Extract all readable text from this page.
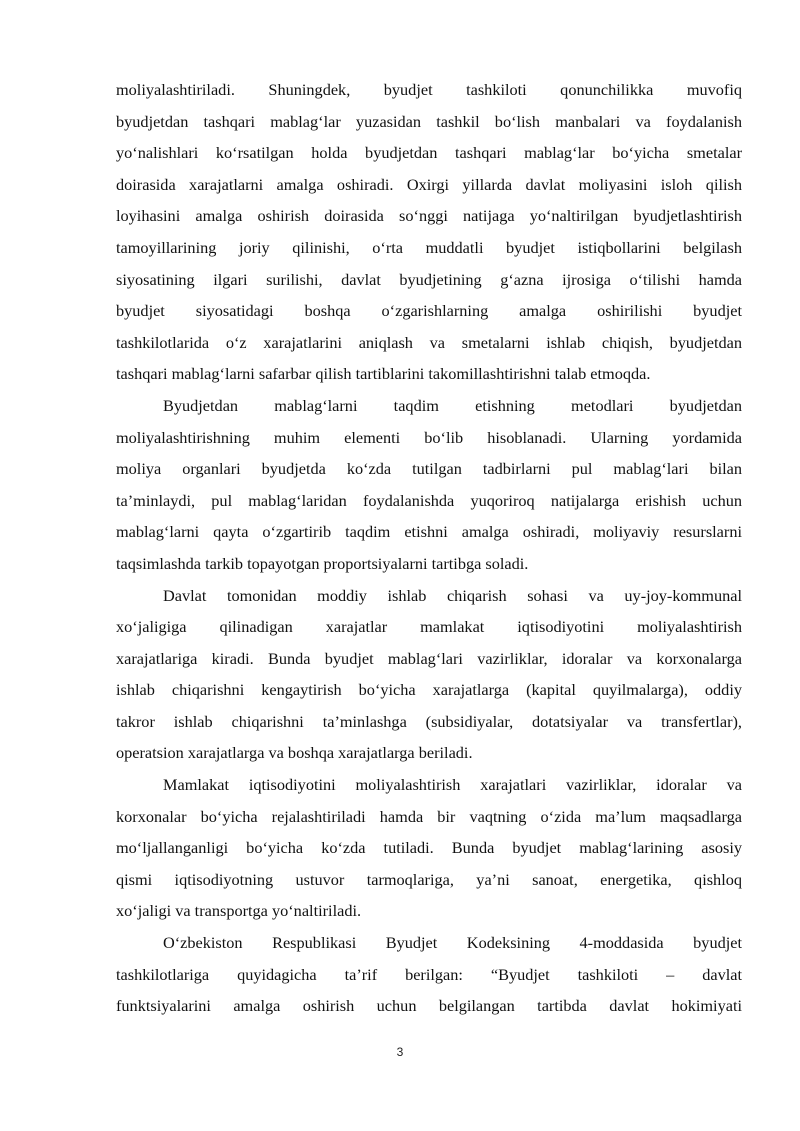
moliyalashtiriladi. Shuningdek, byudjet tashkiloti qonunchilikka muvofiq

byudjetdan tashqari mablag‘lar yuzasidan tashkil bo‘lish manbalari va foydalanish

yo‘nalishlari ko‘rsatilgan holda byudjetdan tashqari mablag‘lar bo‘yicha smetalar

doirasida xarajatlarni amalga oshiradi. Oxirgi yillarda davlat moliyasini isloh qilish

loyihasini amalga oshirish doirasida so‘nggi natijaga yo‘naltirilgan byudjetlashtirish

tamoyillarining joriy qilinishi, o‘rta muddatli byudjet istiqbollarini belgilash

siyosatining ilgari surilishi, davlat byudjetining g‘azna ijrosiga o‘tilishi hamda

byudjet siyosatidagi boshqa o‘zgarishlarning amalga oshirilishi byudjet

tashkilotlarida o‘z xarajatlarini aniqlash va smetalarni ishlab chiqish, byudjetdan

tashqari mablag‘larni safarbar qilish tartiblarini takomillashtirishni talab etmoqda.

Byudjetdan mablag‘larni taqdim etishning metodlari byudjetdan

moliyalashtirishning muhim elementi bo‘lib hisoblanadi. Ularning yordamida

moliya organlari byudjetda ko‘zda tutilgan tadbirlarni pul mablag‘lari bilan

ta’minlaydi, pul mablag‘laridan foydalanishda yuqoriroq natijalarga erishish uchun

mablag‘larni qayta o‘zgartirib taqdim etishni amalga oshiradi, moliyaviy resurslarni

taqsimlashda tarkib topayotgan proportsiyalarni tartibga soladi.

Davlat tomonidan moddiy ishlab chiqarish sohasi va uy-joy-kommunal

xo‘jaligiga qilinadigan xarajatlar mamlakat iqtisodiyotini moliyalashtirish

xarajatlariga kiradi. Bunda byudjet mablag‘lari vazirliklar, idoralar va korxonalarga

ishlab chiqarishni kengaytirish bo‘yicha xarajatlarga (kapital quyilmalarga), oddiy

takror ishlab chiqarishni ta’minlashga (subsidiyalar, dotatsiyalar va transfertlar),

operatsion xarajatlarga va boshqa xarajatlarga beriladi.

Mamlakat iqtisodiyotini moliyalashtirish xarajatlari vazirliklar, idoralar va

korxonalar bo‘yicha rejalashtiriladi hamda bir vaqtning o‘zida ma’lum maqsadlarga

mo‘ljallanganligi bo‘yicha ko‘zda tutiladi. Bunda byudjet mablag‘larining asosiy

qismi iqtisodiyotning ustuvor tarmoqlariga, ya’ni sanoat, energetika, qishloq

xo‘jaligi va transportga yo‘naltiriladi.

O‘zbekiston Respublikasi Byudjet Kodeksining 4-moddasida byudjet

tashkilotlariga quyidagicha ta’rif berilgan: “Byudjet tashkiloti – davlat

funktsiyalarini amalga oshirish uchun belgilangan tartibda davlat hokimiyati

3
